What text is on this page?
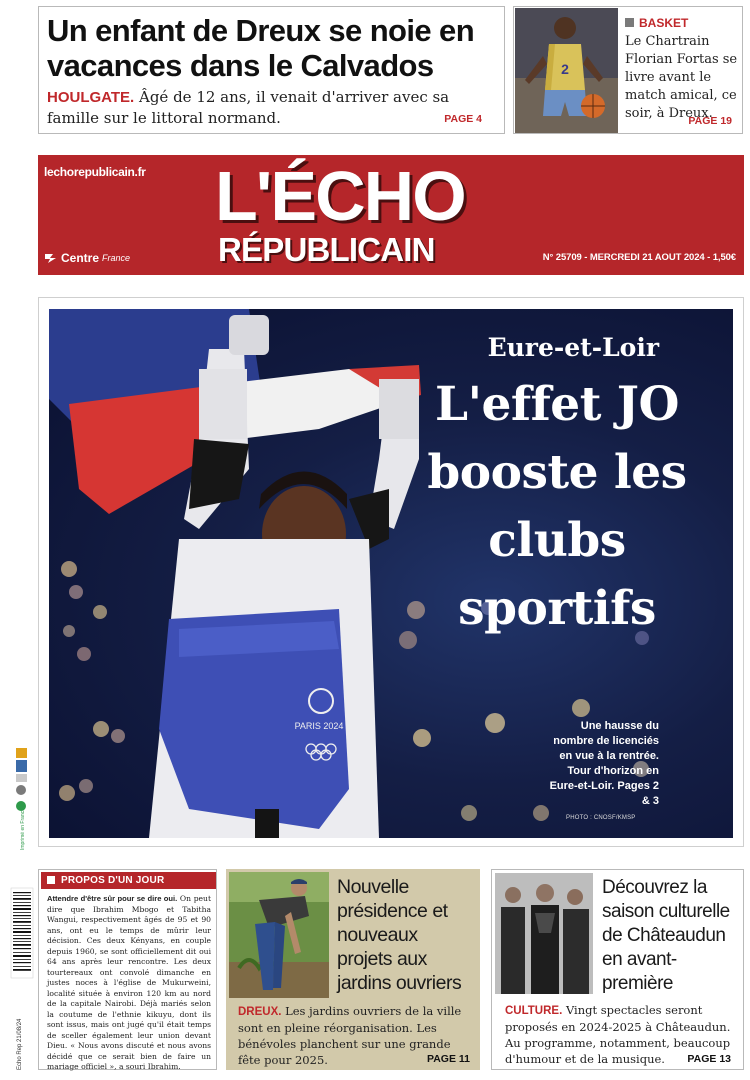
Un enfant de Dreux se noie en vacances dans le Calvados
HOULGATE. Âgé de 12 ans, il venait d'arriver avec sa famille sur le littoral normand.	PAGE 4
2
BASKET
Le Chartrain Florian Fortas se livre avant le match amical, ce soir, à Dreux.
PAGE 19
lechorepublicain.fr L'ÉCHO
RÉPUBLICAIN
Centre France	N° 25709 - MERCREDI 21 AOUT 2024 - 1,50€
PARIS 2024
Eure-et-Loir
L'effet JO booste les clubs sportifs
Une hausse du nombre de licenciés en vue à la rentrée. Tour d'horizon en Eure-et-Loir. Pages 2 & 3
PHOTO : CNOSF/KMSP
Imprimé en France
Echo Rep 21/08/24
PROPOS D'UN JOUR
Attendre d'être sûr pour se dire oui. On peut dire que Ibrahim Mbogo et Tabitha Wangui, respectivement âgés de 95 et 90 ans, ont eu le temps de mûrir leur décision. Ces deux Kényans, en couple depuis 1960, se sont officiellement dit oui 64 ans après leur rencontre. Les deux tourtereaux ont convolé dimanche en justes noces à l'église de Mukurweini, localité située à environ 120 km au nord de la capitale Nairobi. Déjà mariés selon la coutume de l'ethnie kikuyu, dont ils sont issus, mais ont jugé qu'il était temps de sceller également leur union devant Dieu. « Nous avons discuté et nous avons décidé que ce serait bien de faire un mariage officiel », a souri Ibrahim.
Nouvelle présidence et nouveaux projets aux jardins ouvriers
DREUX. Les jardins ouvriers de la ville sont en pleine réorganisation. Les bénévoles planchent sur une grande fête pour 2025.	PAGE 11
Découvrez la saison culturelle de Châteaudun en avant-première
CULTURE. Vingt spectacles seront proposés en 2024-2025 à Châteaudun. Au programme, notamment, beaucoup d'humour et de la musique.	PAGE 13
